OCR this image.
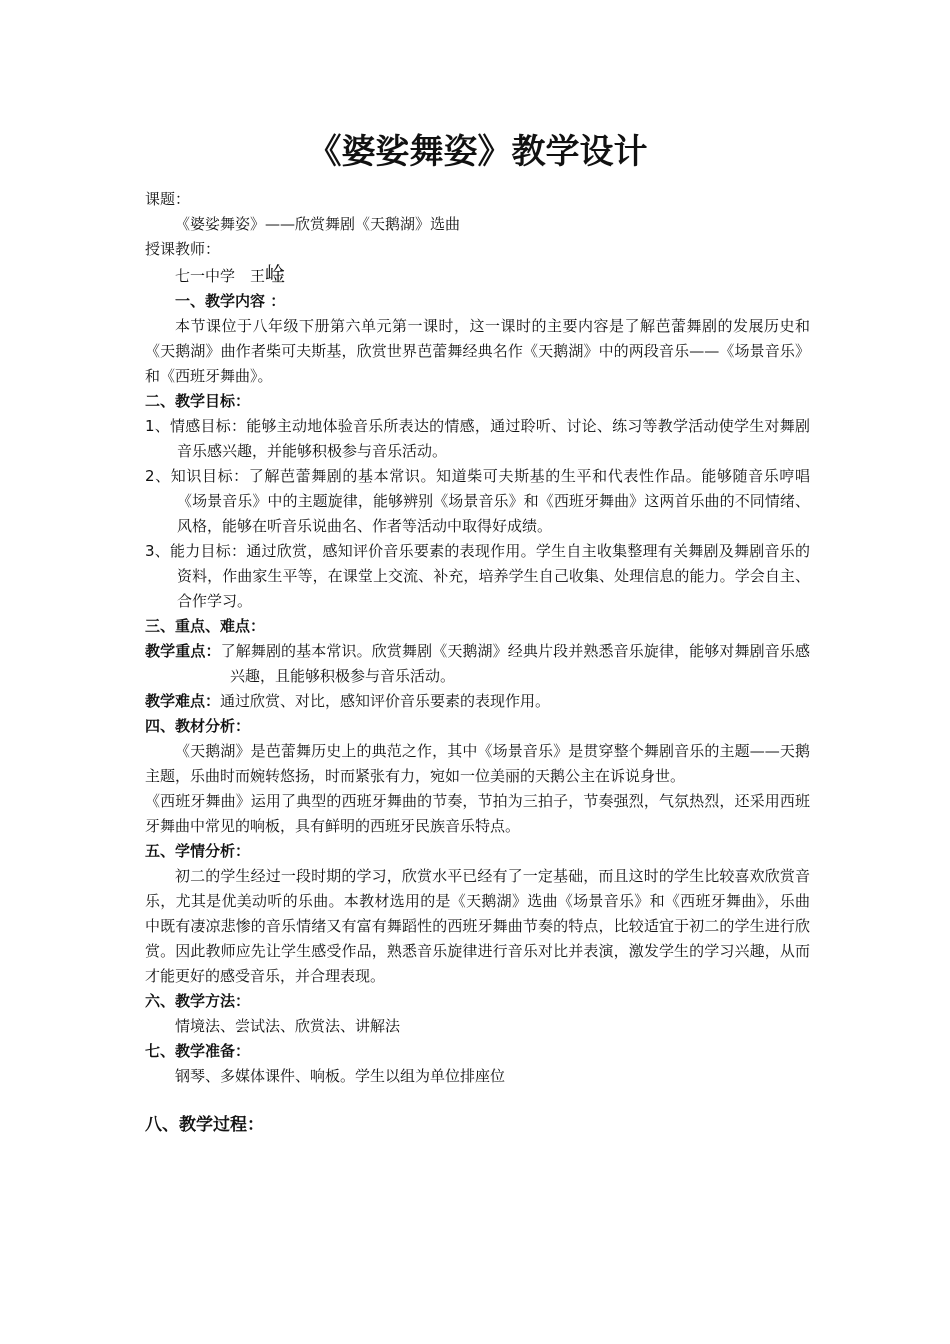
《婆娑舞姿》教学设计

课题：

《婆娑舞姿》——欣赏舞剧《天鹅湖》选曲

授课教师：

七一中学　王崯

一、教学内容 ：

本节课位于八年级下册第六单元第一课时，这一课时的主要内容是了解芭蕾舞剧的发展历史和《天鹅湖》曲作者柴可夫斯基，欣赏世界芭蕾舞经典名作《天鹅湖》中的两段音乐——《场景音乐》和《西班牙舞曲》。

二、教学目标：

1、情感目标：能够主动地体验音乐所表达的情感，通过聆听、讨论、练习等教学活动使学生对舞剧音乐感兴趣，并能够积极参与音乐活动。

2、知识目标：了解芭蕾舞剧的基本常识。知道柴可夫斯基的生平和代表性作品。能够随音乐哼唱《场景音乐》中的主题旋律，能够辨别《场景音乐》和《西班牙舞曲》这两首乐曲的不同情绪、风格，能够在听音乐说曲名、作者等活动中取得好成绩。

3、能力目标：通过欣赏，感知评价音乐要素的表现作用。学生自主收集整理有关舞剧及舞剧音乐的资料，作曲家生平等，在课堂上交流、补充，培养学生自己收集、处理信息的能力。学会自主、合作学习。

三、重点、难点：

教学重点：了解舞剧的基本常识。欣赏舞剧《天鹅湖》经典片段并熟悉音乐旋律，能够对舞剧音乐感兴趣，且能够积极参与音乐活动。

教学难点：通过欣赏、对比，感知评价音乐要素的表现作用。

四、教材分析：

《天鹅湖》是芭蕾舞历史上的典范之作，其中《场景音乐》是贯穿整个舞剧音乐的主题——天鹅主题，乐曲时而婉转悠扬，时而紧张有力，宛如一位美丽的天鹅公主在诉说身世。

《西班牙舞曲》运用了典型的西班牙舞曲的节奏，节拍为三拍子，节奏强烈，气氛热烈，还采用西班牙舞曲中常见的响板，具有鲜明的西班牙民族音乐特点。

五、学情分析：

初二的学生经过一段时期的学习，欣赏水平已经有了一定基础，而且这时的学生比较喜欢欣赏音乐，尤其是优美动听的乐曲。本教材选用的是《天鹅湖》选曲《场景音乐》和《西班牙舞曲》，乐曲中既有凄凉悲惨的音乐情绪又有富有舞蹈性的西班牙舞曲节奏的特点，比较适宜于初二的学生进行欣赏。因此教师应先让学生感受作品，熟悉音乐旋律进行音乐对比并表演，激发学生的学习兴趣，从而才能更好的感受音乐，并合理表现。

六、教学方法：

情境法、尝试法、欣赏法、讲解法

七、教学准备：

钢琴、多媒体课件、响板。学生以组为单位排座位

八、教学过程：
